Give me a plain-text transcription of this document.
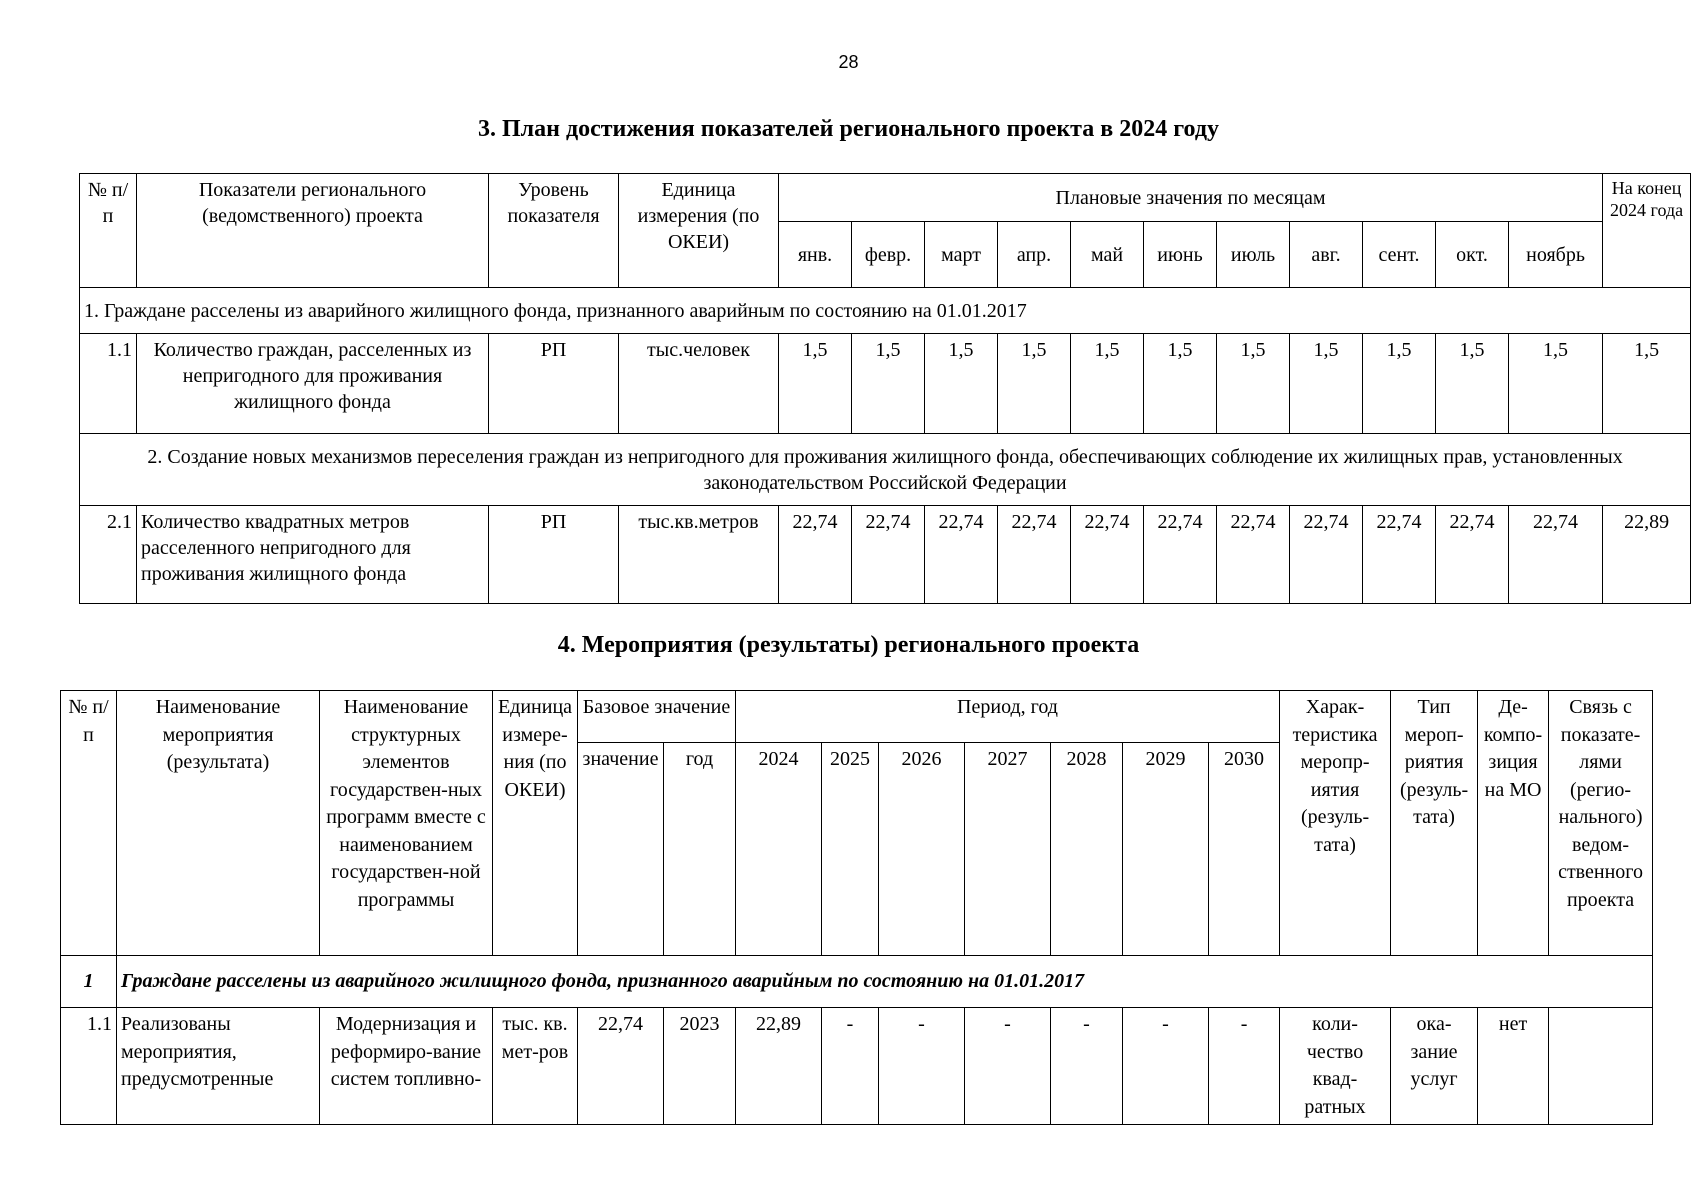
28
3. План достижения показателей регионального проекта в 2024 году
№ п/п	Показатели регионального (ведомственного) проекта	Уровень показателя	Единица измерения (по ОКЕИ)	Плановые значения по месяцам											На конец 2024 года
				янв.	февр.	март	апр.	май	июнь	июль	авг.	сент.	окт.	ноябрь	
1. Граждане расселены из аварийного жилищного фонда, признанного аварийным по состоянию на 01.01.2017															
1.1	Количество граждан, расселенных из непригодного для проживания жилищного фонда	РП	тыс.человек	1,5	1,5	1,5	1,5	1,5	1,5	1,5	1,5	1,5	1,5	1,5	1,5
2. Создание новых механизмов переселения граждан из непригодного для проживания жилищного фонда, обеспечивающих соблюдение их жилищных прав, установленных законодательством Российской Федерации															
2.1	Количество квадратных метров расселенного непригодного для проживания жилищного фонда	РП	тыс.кв.метров	22,74	22,74	22,74	22,74	22,74	22,74	22,74	22,74	22,74	22,74	22,74	22,89
4. Мероприятия (результаты) регионального проекта
№ п/п	Наименование мероприятия (результата)	Наименование структурных элементов государствен-ных программ вместе с наименованием государствен-ной программы	Единица измере-ния (по ОКЕИ)	Базовое значение		Период, год							Харак-теристика меропр-иятия (резуль-тата)	Тип мероп-риятия (резуль-тата)	Де-компо-зиция на МО	Связь с показате-лями (регио-нального) ведом-ственного проекта
				значение	год	2024	2025	2026	2027	2028	2029	2030				
1	Граждане расселены из аварийного жилищного фонда, признанного аварийным по состоянию на 01.01.2017															
1.1	Реализованы мероприятия, предусмотренные	Модернизация и реформиро-вание систем топливно-	тыс. кв. мет-ров	22,74	2023	22,89	-	-	-	-	-	-	коли-чество квад-ратных	ока-зание услуг	нет	
